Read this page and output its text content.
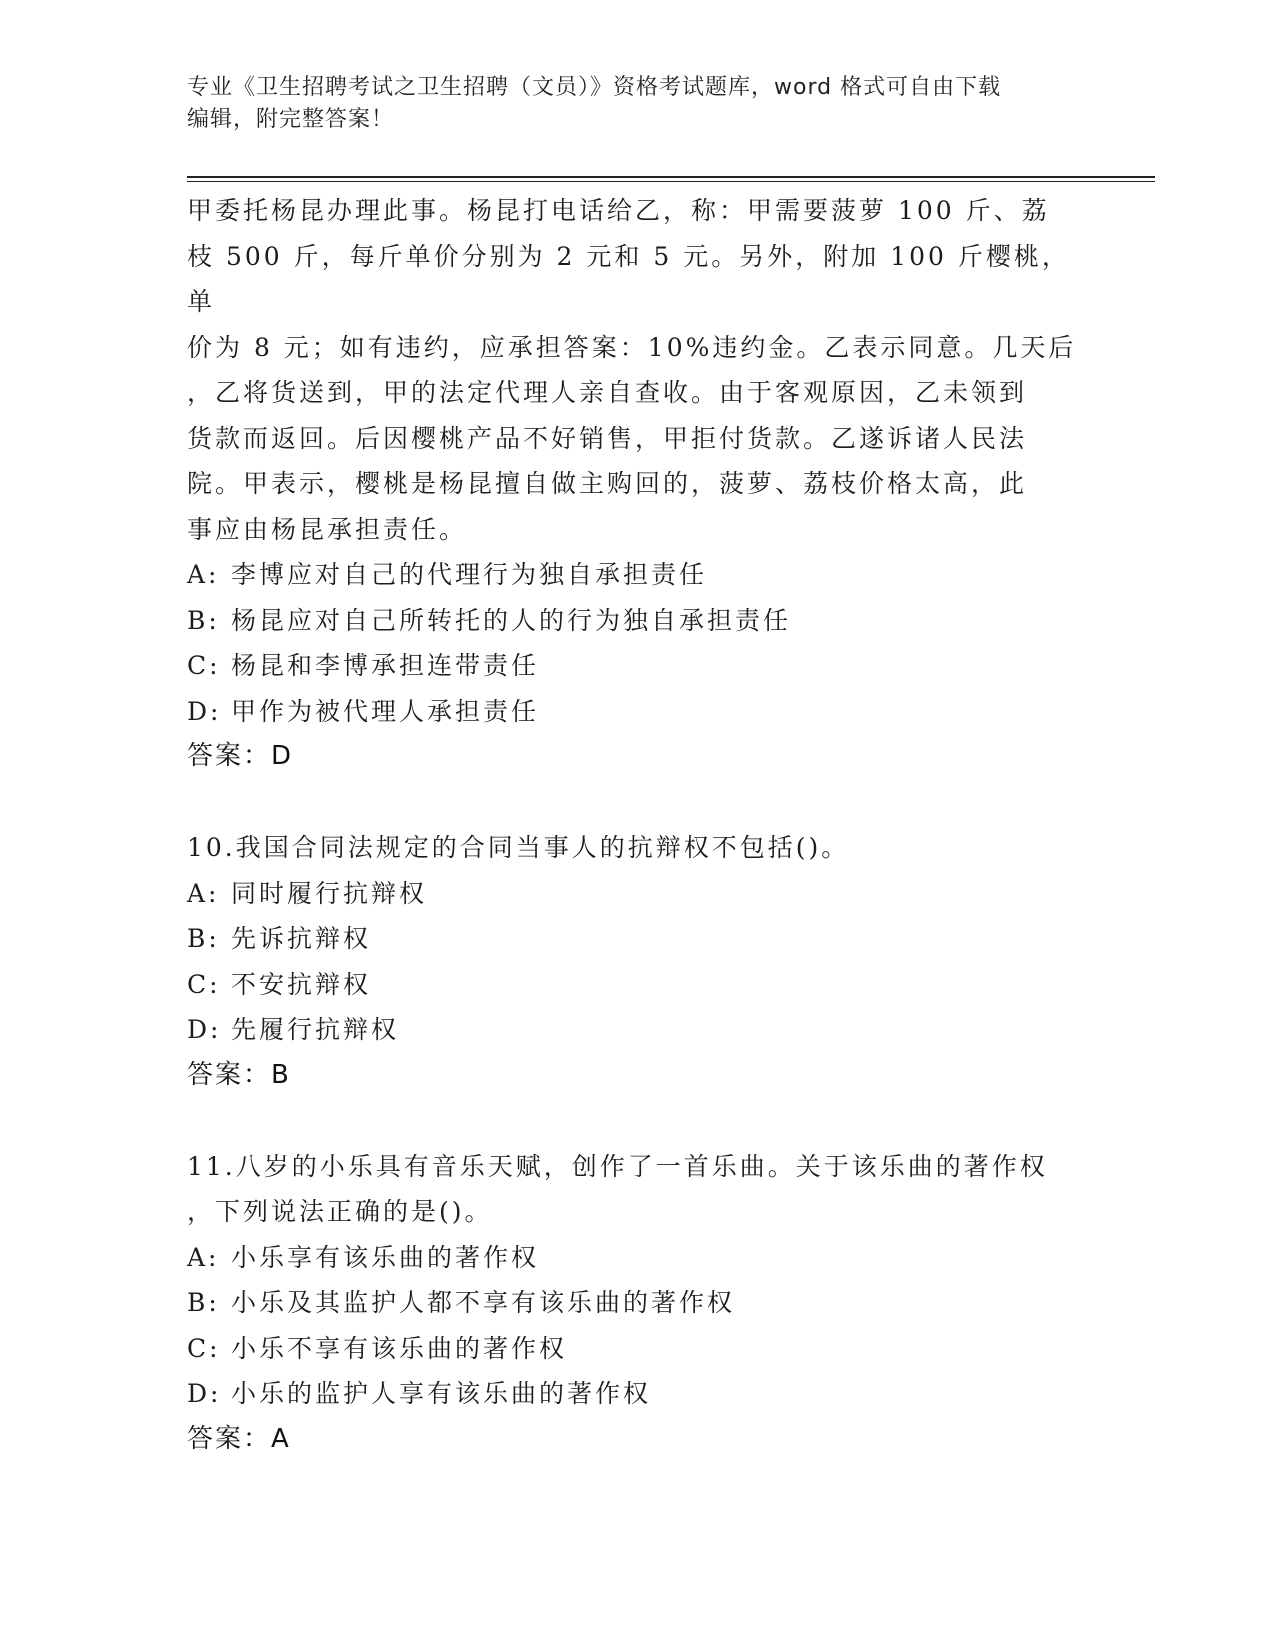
专业《卫生招聘考试之卫生招聘（文员）》资格考试题库，word 格式可自由下载
编辑，附完整答案！
甲委托杨昆办理此事。杨昆打电话给乙，称：甲需要菠萝 100 斤、荔
枝 500 斤，每斤单价分别为 2 元和 5 元。另外，附加 100 斤樱桃，单
价为 8 元；如有违约，应承担答案：10%违约金。乙表示同意。几天后
，乙将货送到，甲的法定代理人亲自查收。由于客观原因，乙未领到
货款而返回。后因樱桃产品不好销售，甲拒付货款。乙遂诉诸人民法
院。甲表示，樱桃是杨昆擅自做主购回的，菠萝、荔枝价格太高，此
事应由杨昆承担责任。
A: 李博应对自己的代理行为独自承担责任
B: 杨昆应对自己所转托的人的行为独自承担责任
C: 杨昆和李博承担连带责任
D: 甲作为被代理人承担责任
答案：D
10.我国合同法规定的合同当事人的抗辩权不包括()。
A: 同时履行抗辩权
B: 先诉抗辩权
C: 不安抗辩权
D: 先履行抗辩权
答案：B
11.八岁的小乐具有音乐天赋，创作了一首乐曲。关于该乐曲的著作权
，下列说法正确的是()。
A: 小乐享有该乐曲的著作权
B: 小乐及其监护人都不享有该乐曲的著作权
C: 小乐不享有该乐曲的著作权
D: 小乐的监护人享有该乐曲的著作权
答案：A
